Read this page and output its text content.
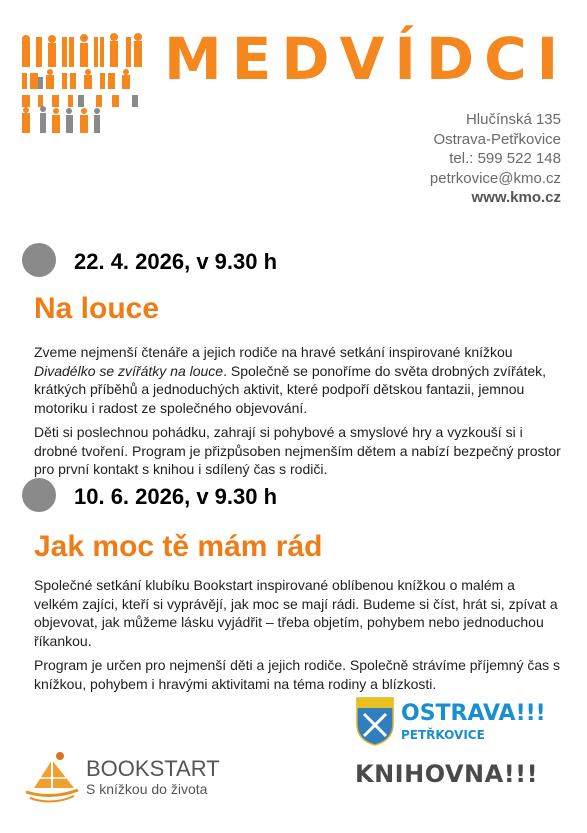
MEDVÍDCI
Hlučínská 135
Ostrava-Petřkovice
tel.: 599 522 148
petrkovice@kmo.cz
www.kmo.cz
22. 4. 2026, v 9.30 h
Na louce

Zveme nejmenší čtenáře a jejich rodiče na hravé setkání inspirované knížkou Divadélko se zvířátky na louce. Společně se ponoříme do světa drobných zvířátek, krátkých příběhů a jednoduchých aktivit, které podpoří dětskou fantazii, jemnou motoriku i radost ze společného objevování.

Děti si poslechnou pohádku, zahrají si pohybové a smyslové hry a vyzkouší si i drobné tvoření. Program je přizpůsoben nejmenším dětem a nabízí bezpečný prostor pro první kontakt s knihou i sdílený čas s rodiči.

10. 6. 2026, v 9.30 h
Jak moc tě mám rád

Společné setkání klubíku Bookstart inspirované oblíbenou knížkou o malém a velkém zajíci, kteří si vyprávějí, jak moc se mají rádi. Budeme si číst, hrát si, zpívat a objevovat, jak můžeme lásku vyjádřit – třeba objetím, pohybem nebo jednoduchou říkankou.

Program je určen pro nejmenší děti a jejich rodiče. Společně strávíme příjemný čas s knížkou, pohybem i hravými aktivitami na téma rodiny a blízkosti.

OSTRAVA!!!
PETŘKOVICE
KNIHOVNA!!!
BOOKSTART
S knížkou do života
